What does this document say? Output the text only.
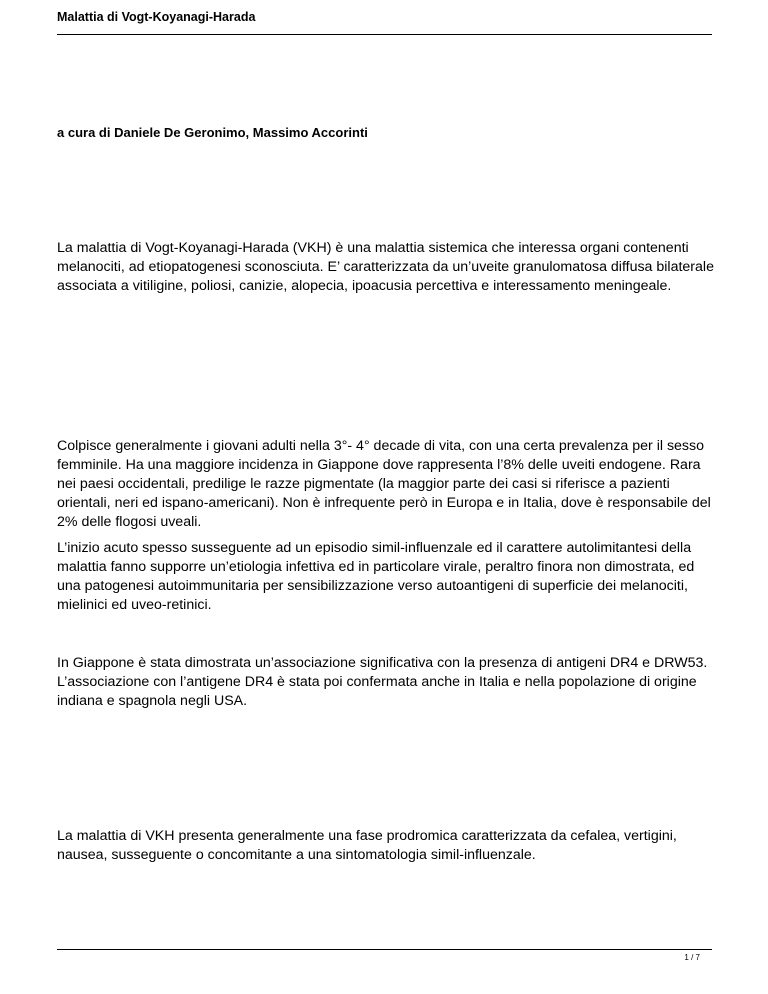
Malattia di Vogt-Koyanagi-Harada
a cura di Daniele De Geronimo, Massimo Accorinti

La malattia di Vogt-Koyanagi-Harada (VKH) è una malattia sistemica che interessa organi contenenti melanociti, ad etiopatogenesi sconosciuta. E’ caratterizzata da un’uveite granulomatosa diffusa bilaterale associata a vitiligine, poliosi, canizie, alopecia, ipoacusia percettiva e interessamento meningeale.

Colpisce generalmente i giovani adulti nella 3°- 4° decade di vita, con una certa prevalenza per il sesso femminile. Ha una maggiore incidenza in Giappone dove rappresenta l’8% delle uveiti endogene. Rara nei paesi occidentali, predilige le razze pigmentate (la maggior parte dei casi si riferisce a pazienti orientali, neri ed ispano-americani). Non è infrequente però in Europa e in Italia, dove è responsabile del 2% delle flogosi uveali.

L’inizio acuto spesso susseguente ad un episodio simil-influenzale ed il carattere autolimitantesi della malattia fanno supporre un’etiologia infettiva ed in particolare virale, peraltro finora non dimostrata, ed una patogenesi autoimmunitaria per sensibilizzazione verso autoantigeni di superficie dei melanociti, mielinici ed uveo-retinici.

In Giappone è stata dimostrata un’associazione significativa con la presenza di antigeni DR4 e DRW53. L’associazione con l’antigene DR4 è stata poi confermata anche in Italia e nella popolazione di origine indiana e spagnola negli USA.

La malattia di VKH presenta generalmente una fase prodromica caratterizzata da cefalea, vertigini, nausea, susseguente o concomitante a una sintomatologia simil-influenzale.

1 / 7
